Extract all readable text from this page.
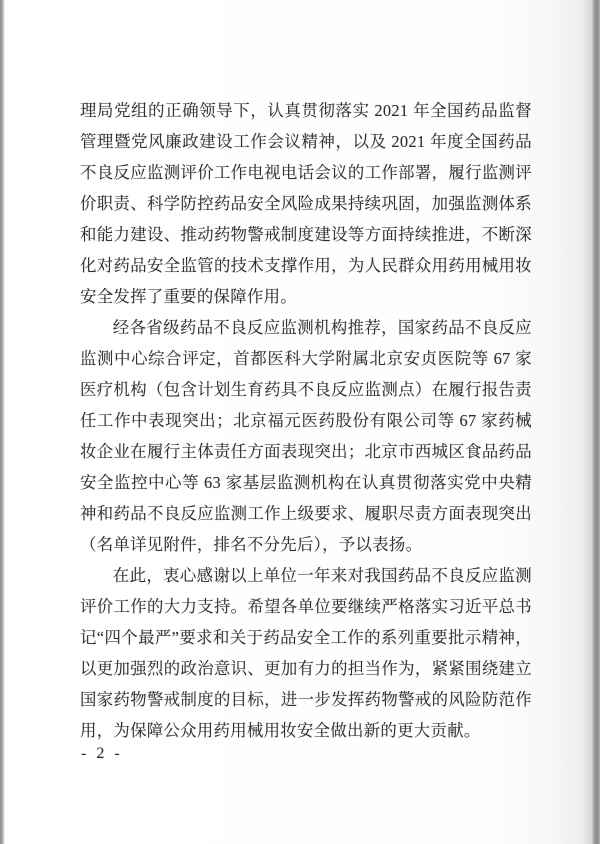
理局党组的正确领导下，认真贯彻落实 2021 年全国药品监督管理暨党风廉政建设工作会议精神，以及 2021 年度全国药品不良反应监测评价工作电视电话会议的工作部署，履行监测评价职责、科学防控药品安全风险成果持续巩固，加强监测体系和能力建设、推动药物警戒制度建设等方面持续推进，不断深化对药品安全监管的技术支撑作用，为人民群众用药用械用妆安全发挥了重要的保障作用。

经各省级药品不良反应监测机构推荐，国家药品不良反应监测中心综合评定，首都医科大学附属北京安贞医院等 67 家医疗机构（包含计划生育药具不良反应监测点）在履行报告责任工作中表现突出；北京福元医药股份有限公司等 67 家药械妆企业在履行主体责任方面表现突出；北京市西城区食品药品安全监控中心等 63 家基层监测机构在认真贯彻落实党中央精神和药品不良反应监测工作上级要求、履职尽责方面表现突出（名单详见附件，排名不分先后），予以表扬。

在此，衷心感谢以上单位一年来对我国药品不良反应监测评价工作的大力支持。希望各单位要继续严格落实习近平总书记“四个最严”要求和关于药品安全工作的系列重要批示精神，以更加强烈的政治意识、更加有力的担当作为，紧紧围绕建立国家药物警戒制度的目标，进一步发挥药物警戒的风险防范作用，为保障公众用药用械用妆安全做出新的更大贡献。

- 2 -
